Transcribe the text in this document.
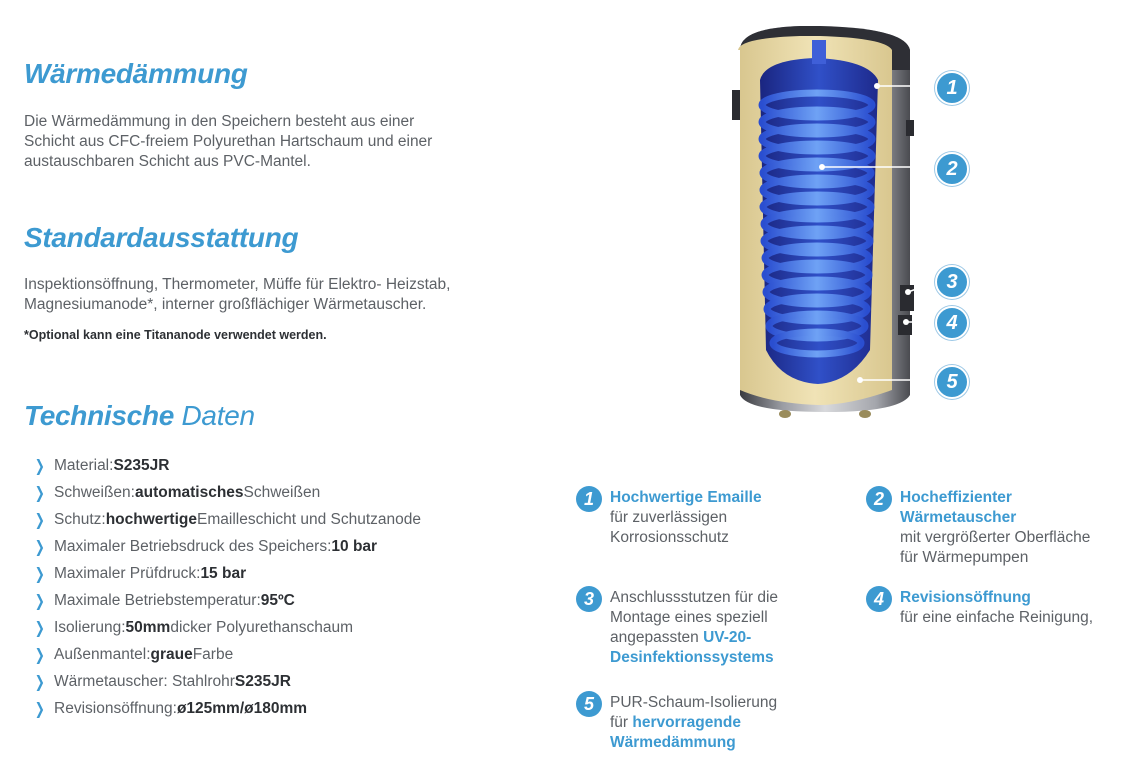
Wärmedämmung

Die Wärmedämmung in den Speichern besteht aus einer

Schicht aus CFC-freiem Polyurethan Hartschaum und einer

austauschbaren Schicht aus PVC-Mantel.

Standardausstattung

Inspektionsöffnung, Thermometer, Müffe für Elektro- Heizstab,

Magnesiumanode*, interner großflächiger Wärmetauscher.

*Optional kann eine Titananode verwendet werden.

Technische Daten
❯ Material: S235JR
❯ Schweißen: automatisches Schweißen
❯ Schutz: hochwertige Emailleschicht und Schutzanode
❯ Maximaler Betriebsdruck des Speichers: 10 bar
❯ Maximaler Prüfdruck: 15 bar
❯ Maximale Betriebstemperatur: 95ºC
❯ Isolierung: 50mm dicker Polyurethanschaum
❯ Außenmantel: graue Farbe
❯ Wärmetauscher: Stahlrohr S235JR
❯ Revisionsöffnung: ø125mm/ø180mm
1
2
3
4
5
1	Hochwertige Emaille
für zuverlässigen
Korrosionsschutz
2	Hocheffizienter
Wärmetauscher
mit vergrößerter Oberfläche
für Wärmepumpen
3	Anschlussstutzen für die
Montage eines speziell
angepassten UV-20-
Desinfektionssystems
4	Revisionsöffnung
für eine einfache Reinigung,
5	PUR-Schaum-Isolierung
für hervorragende
Wärmedämmung
